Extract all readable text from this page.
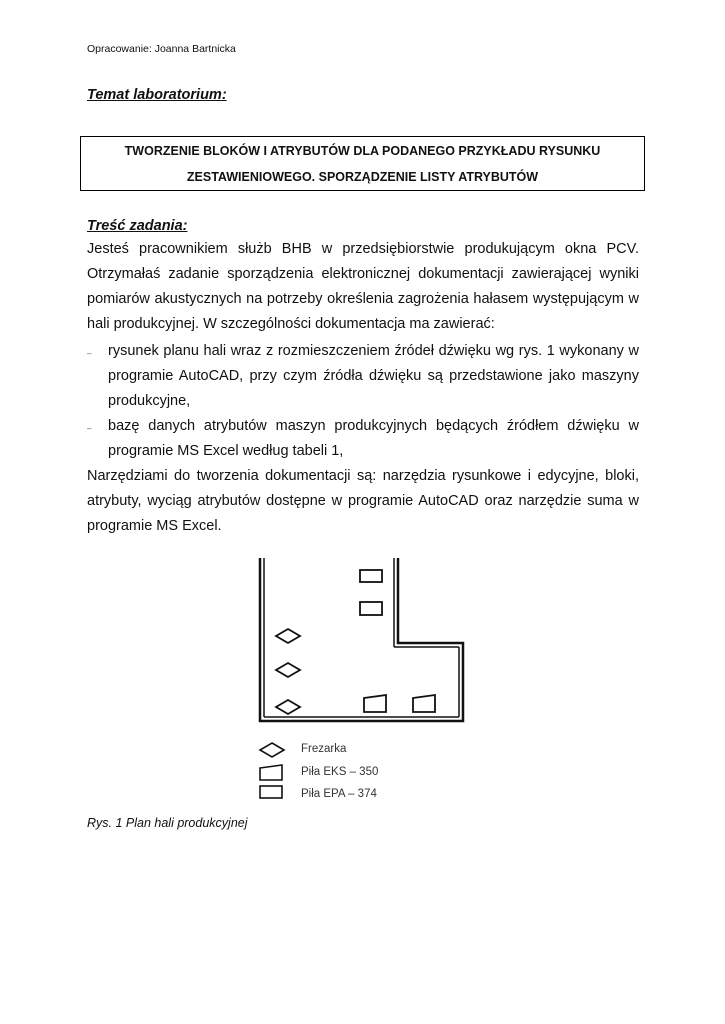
Opracowanie: Joanna Bartnicka
Temat laboratorium:
TWORZENIE BLOKÓW I ATRYBUTÓW DLA PODANEGO PRZYKŁADU RYSUNKU
ZESTAWIENIOWEGO. SPORZĄDZENIE LISTY ATRYBUTÓW
Treść zadania:
Jesteś pracownikiem służb BHB w przedsiębiorstwie produkującym okna PCV.
Otrzymałaś zadanie sporządzenia elektronicznej dokumentacji zawierającej wyniki
pomiarów akustycznych na potrzeby określenia zagrożenia hałasem występującym w
hali produkcyjnej. W szczególności dokumentacja ma zawierać:
– rysunek planu hali wraz z rozmieszczeniem źródeł dźwięku wg rys. 1 wykonany w
programie AutoCAD, przy czym źródła dźwięku są przedstawione jako maszyny
produkcyjne,
– bazę danych atrybutów maszyn produkcyjnych będących źródłem dźwięku w
programie MS Excel według tabeli 1,
Narzędziami do tworzenia dokumentacji są: narzędzia rysunkowe i edycyjne, bloki,
atrybuty, wyciąg atrybutów dostępne w programie AutoCAD oraz narzędzie suma w
programie MS Excel.
Frezarka
Piła EKS – 350
Piła EPA – 374
Rys. 1 Plan hali produkcyjnej
